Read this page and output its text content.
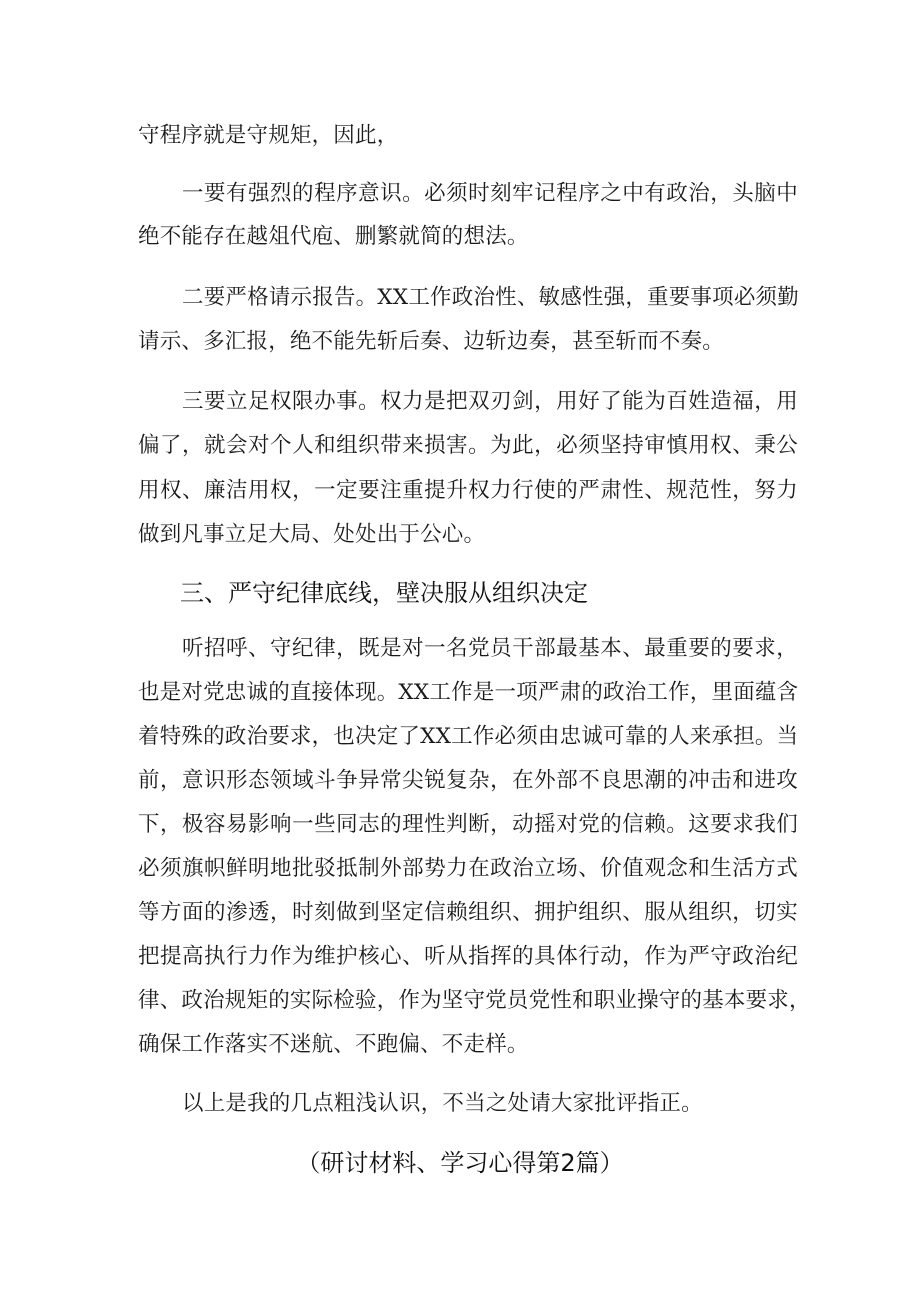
守程序就是守规矩，因此，

一要有强烈的程序意识。必须时刻牢记程序之中有政治，头脑中

绝不能存在越俎代庖、删繁就简的想法。

二要严格请示报告。XX工作政治性、敏感性强，重要事项必须勤

请示、多汇报，绝不能先斩后奏、边斩边奏，甚至斩而不奏。

三要立足权限办事。权力是把双刃剑，用好了能为百姓造福，用

偏了，就会对个人和组织带来损害。为此，必须坚持审慎用权、秉公

用权、廉洁用权，一定要注重提升权力行使的严肃性、规范性，努力

做到凡事立足大局、处处出于公心。

三、严守纪律底线，壁决服从组织决定

听招呼、守纪律，既是对一名党员干部最基本、最重要的要求，

也是对党忠诚的直接体现。XX工作是一项严肃的政治工作，里面蕴含

着特殊的政治要求，也决定了XX工作必须由忠诚可靠的人来承担。当

前，意识形态领域斗争异常尖锐复杂，在外部不良思潮的冲击和进攻

下，极容易影响一些同志的理性判断，动摇对党的信赖。这要求我们

必须旗帜鲜明地批驳抵制外部势力在政治立场、价值观念和生活方式

等方面的渗透，时刻做到坚定信赖组织、拥护组织、服从组织，切实

把提高执行力作为维护核心、听从指挥的具体行动，作为严守政治纪

律、政治规矩的实际检验，作为坚守党员党性和职业操守的基本要求，

确保工作落实不迷航、不跑偏、不走样。

以上是我的几点粗浅认识，不当之处请大家批评指正。

（研讨材料、学习心得第2篇）
